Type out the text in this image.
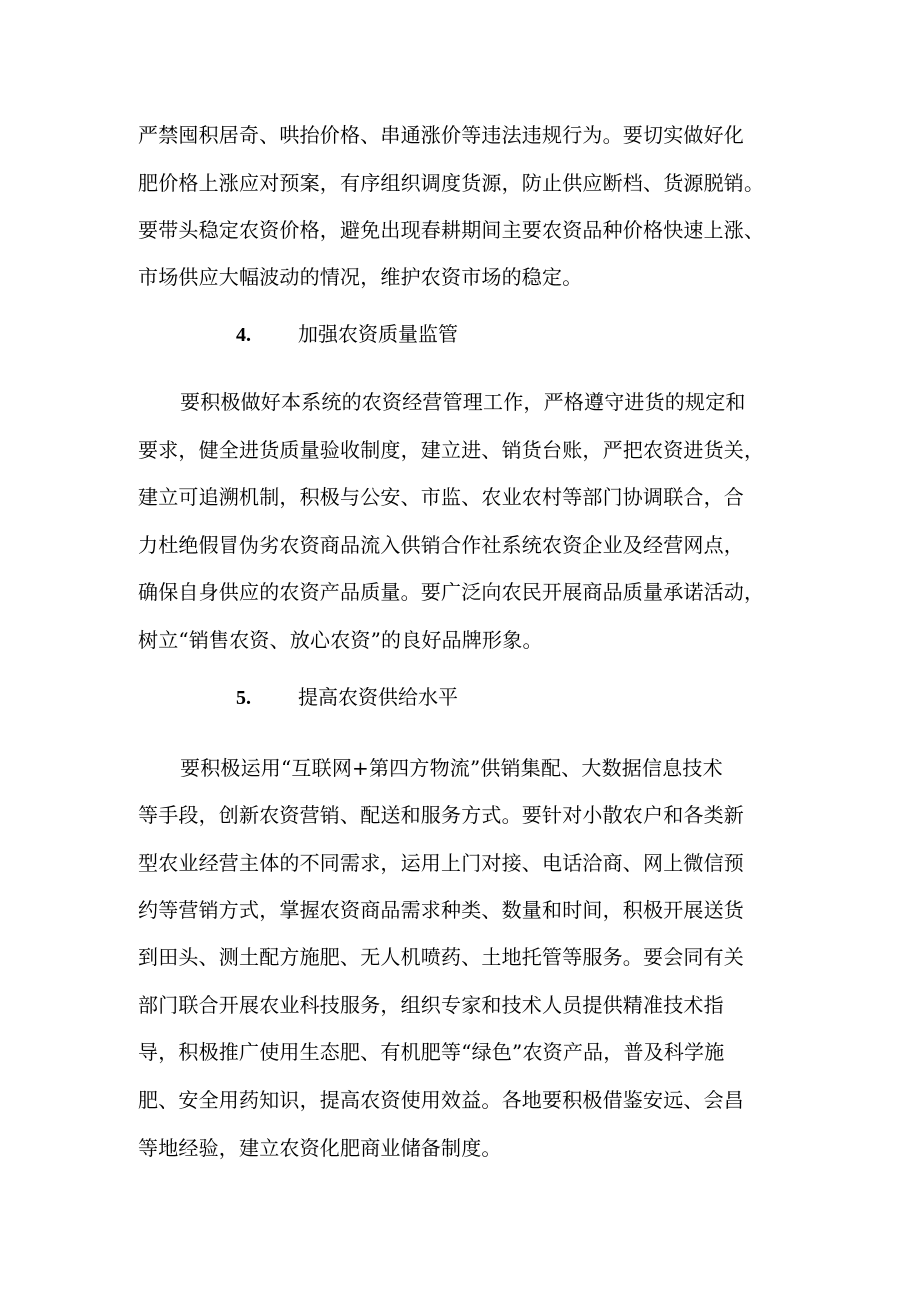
严禁囤积居奇、哄抬价格、串通涨价等违法违规行为。要切实做好化
肥价格上涨应对预案，有序组织调度货源，防止供应断档、货源脱销。
要带头稳定农资价格，避免出现春耕期间主要农资品种价格快速上涨、
市场供应大幅波动的情况，维护农资市场的稳定。
4. 加强农资质量监管
要积极做好本系统的农资经营管理工作，严格遵守进货的规定和
要求，健全进货质量验收制度，建立进、销货台账，严把农资进货关，
建立可追溯机制，积极与公安、市监、农业农村等部门协调联合，合
力杜绝假冒伪劣农资商品流入供销合作社系统农资企业及经营网点，
确保自身供应的农资产品质量。要广泛向农民开展商品质量承诺活动，
树立“销售农资、放心农资”的良好品牌形象。
5. 提高农资供给水平
要积极运用“互联网+第四方物流”供销集配、大数据信息技术
等手段，创新农资营销、配送和服务方式。要针对小散农户和各类新
型农业经营主体的不同需求，运用上门对接、电话洽商、网上微信预
约等营销方式，掌握农资商品需求种类、数量和时间，积极开展送货
到田头、测土配方施肥、无人机喷药、土地托管等服务。要会同有关
部门联合开展农业科技服务，组织专家和技术人员提供精准技术指
导，积极推广使用生态肥、有机肥等“绿色”农资产品，普及科学施
肥、安全用药知识，提高农资使用效益。各地要积极借鉴安远、会昌
等地经验，建立农资化肥商业储备制度。
